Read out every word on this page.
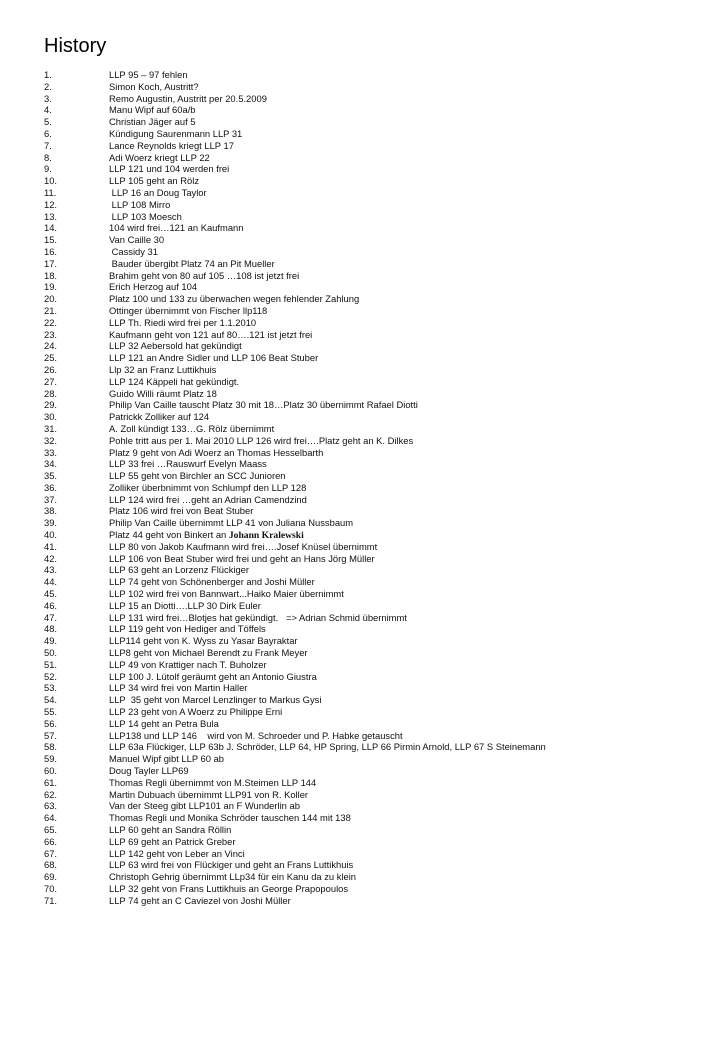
History
1.	LLP 95 – 97 fehlen
2.	Simon Koch, Austritt?
3.	Remo Augustin, Austritt per 20.5.2009
4.	Manu Wipf auf 60a/b
5.	Christian Jäger auf 5
6.	Kündigung Saurenmann LLP 31
7.	Lance Reynolds kriegt LLP 17
8.	Adi Woerz kriegt LLP 22
9.	LLP 121 und 104 werden frei
10.	LLP 105 geht an Rölz
11.	LLP 16 an Doug Taylor
12.	LLP 108 Mirro
13.	LLP 103 Moesch
14.	104 wird frei…121 an Kaufmann
15.	Van Caille 30
16.	Cassidy 31
17.	Bauder übergibt Platz 74 an Pit Mueller
18.	Brahim geht von 80 auf 105 …108 ist jetzt frei
19.	Erich Herzog auf 104
20.	Platz 100 und 133 zu überwachen wegen fehlender Zahlung
21.	Ottinger übernimmt von Fischer llp118
22.	LLP Th. Riedi wird frei per 1.1.2010
23.	Kaufmann geht von 121 auf 80….121 ist jetzt frei
24.	LLP 32 Aebersold hat gekündigt
25.	LLP 121 an Andre Sidler und LLP 106 Beat Stuber
26.	Llp 32 an Franz Luttikhuis
27.	LLP 124 Käppeli hat gekündigt.
28.	Guido Willi räumt Platz 18
29.	Philip Van Caille tauscht Platz 30 mit 18…Platz 30 übernimmt Rafael Diotti
30.	Patrickk Zolliker auf 124
31.	A. Zoll kündigt 133…G. Rölz übernimmt
32.	Pohle tritt aus per 1. Mai 2010 LLP 126 wird frei….Platz geht an K. Dilkes
33.	Platz 9 geht von Adi Woerz an Thomas Hesselbarth
34.	LLP 33 frei …Rauswurf Evelyn Maass
35.	LLP 55 geht von Birchler an SCC Junioren
36.	Zolliker überbnimmt von Schlumpf den LLP 128
37.	LLP 124 wird frei …geht an Adrian Camendzind
38.	Platz 106 wird frei von Beat Stuber
39.	Philip Van Caille übernimmt LLP 41 von Juliana Nussbaum
40.	Platz 44 geht von Binkert an Johann Kralewski
41.	LLP 80 von Jakob Kaufmann wird frei….Josef Knüsel übernimmt
42.	LLP 106 von Beat Stuber wird frei und geht an Hans Jörg Müller
43.	LLP 63 geht an Lorzenz Flückiger
44.	LLP 74 geht von Schönenberger and Joshi Müller
45.	LLP 102 wird frei von Bannwart...Haiko Maier übernimmt
46.	LLP 15 an Diotti….LLP 30 Dirk Euler
47.	LLP 131 wird frei…Blotjes hat gekündigt.   => Adrian Schmid übernimmt
48.	LLP 119 geht von Hediger and Töffels
49.	LLP114 geht von K. Wyss zu Yasar Bayraktar
50.	LLP8 geht von Michael Berendt zu Frank Meyer
51.	LLP 49 von Krattiger nach T. Buholzer
52.	LLP 100 J. Lütolf geräumt geht an Antonio Giustra
53.	LLP 34 wird frei von Martin Haller
54.	LLP  35 geht von Marcel Lenzlinger to Markus Gysi
55.	LLP 23 geht von A Woerz zu Philippe Erni
56.	LLP 14 geht an Petra Bula
57.	LLP138 und LLP 146    wird von M. Schroeder und P. Habke getauscht
58.	LLP 63a Flückiger, LLP 63b J. Schröder, LLP 64, HP Spring, LLP 66 Pirmin Arnold, LLP 67 S Steinemann
59.	Manuel Wipf gibt LLP 60 ab
60.	Doug Tayler LLP69
61.	Thomas Regli übernimmt von M.Steimen LLP 144
62.	Martin Dubuach übernimmt LLP91 von R. Koller
63.	Van der Steeg gibt LLP101 an F Wunderlin ab
64.	Thomas Regli und Monika Schröder tauschen 144 mit 138
65.	LLP 60 geht an Sandra Röllin
66.	LLP 69 geht an Patrick Greber
67.	LLP 142 geht von Leber an Vinci
68.	LLP 63 wird frei von Flückiger und geht an Frans Luttikhuis
69.	Christoph Gehrig übernimmt LLp34 für ein Kanu da zu klein
70.	LLP 32 geht von Frans Luttikhuis an George Prapopoulos
71.	LLP 74 geht an C Caviezel von Joshi Müller
